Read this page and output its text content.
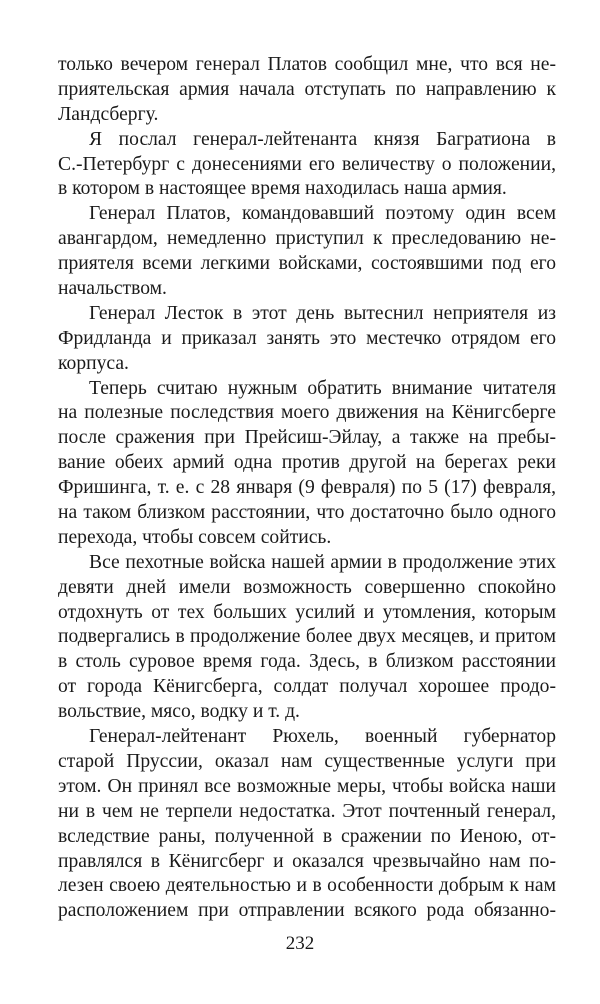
только вечером генерал Платов сообщил мне, что вся не-
приятельская армия начала отступать по направлению к
Ландсбергу.
Я послал генерал-лейтенанта князя Багратиона в
С.-Петербург с донесениями его величеству о положении,
в котором в настоящее время находилась наша армия.
Генерал Платов, командовавший поэтому один всем
авангардом, немедленно приступил к преследованию не-
приятеля всеми легкими войсками, состоявшими под его
начальством.
Генерал Лесток в этот день вытеснил неприятеля из
Фридланда и приказал занять это местечко отрядом его
корпуса.
Теперь считаю нужным обратить внимание читателя
на полезные последствия моего движения на Кёнигсберге
после сражения при Прейсиш-Эйлау, а также на пребы-
вание обеих армий одна против другой на берегах реки
Фришинга, т. е. с 28 января (9 февраля) по 5 (17) февраля,
на таком близком расстоянии, что достаточно было одного
перехода, чтобы совсем сойтись.
Все пехотные войска нашей армии в продолжение этих
девяти дней имели возможность совершенно спокойно
отдохнуть от тех больших усилий и утомления, которым
подвергались в продолжение более двух месяцев, и притом
в столь суровое время года. Здесь, в близком расстоянии
от города Кёнигсберга, солдат получал хорошее продо-
вольствие, мясо, водку и т. д.
Генерал-лейтенант Рюхель, военный губернатор
старой Пруссии, оказал нам существенные услуги при
этом. Он принял все возможные меры, чтобы войска наши
ни в чем не терпели недостатка. Этот почтенный генерал,
вследствие раны, полученной в сражении по Иеною, от-
правлялся в Кёнигсберг и оказался чрезвычайно нам по-
лезен своею деятельностью и в особенности добрым к нам
расположением при отправлении всякого рода обязанно-
232
